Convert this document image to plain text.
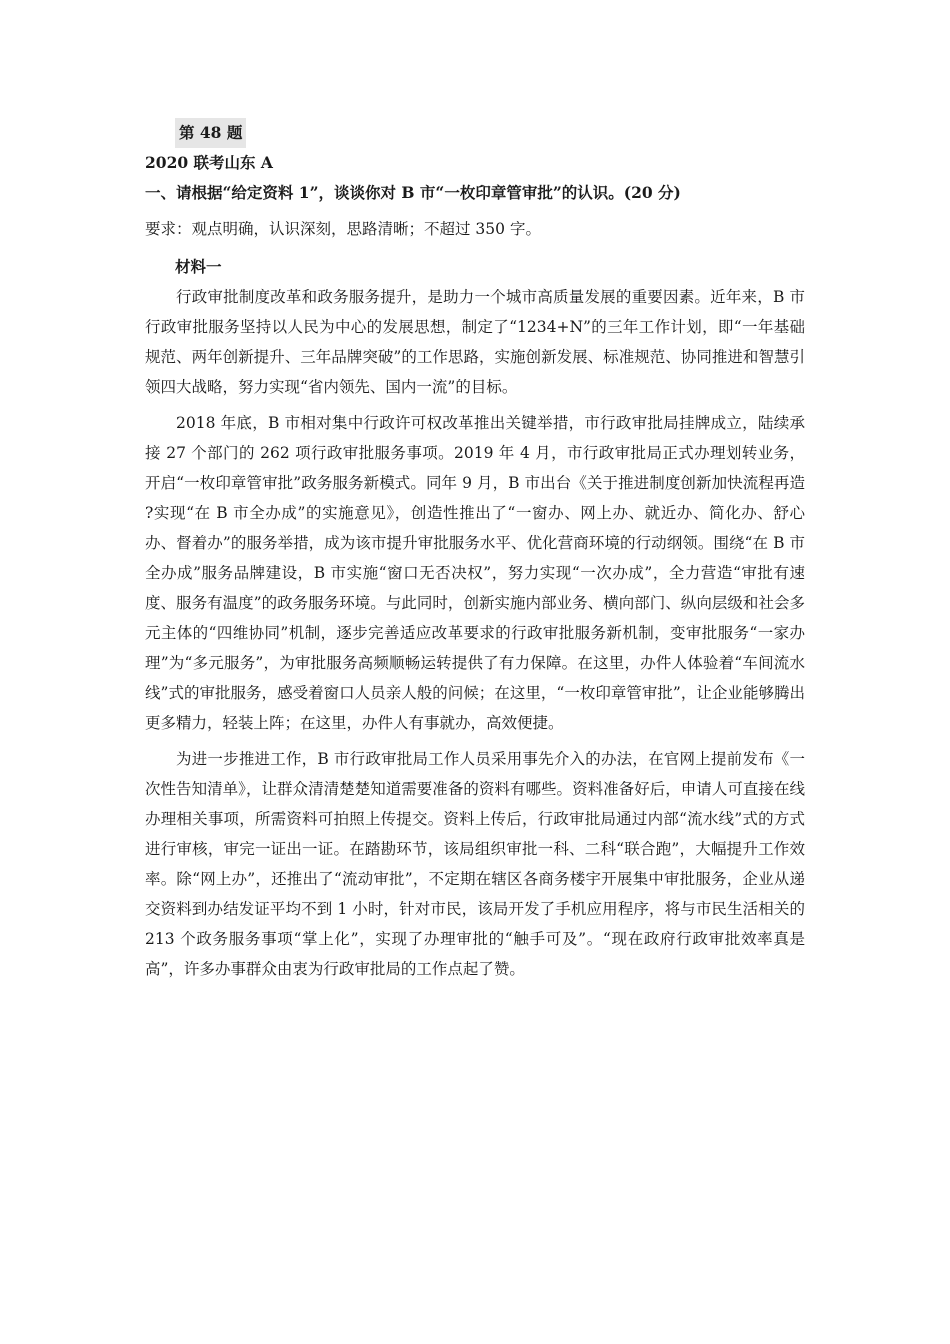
第 48 题
2020 联考山东 A
一、请根据“给定资料 1”，谈谈你对 B 市“一枚印章管审批”的认识。(20 分)
要求：观点明确，认识深刻，思路清晰；不超过 350 字。
材料一

行政审批制度改革和政务服务提升，是助力一个城市高质量发展的重要因素。近年来，B 市行政审批服务坚持以人民为中心的发展思想，制定了“1234+N”的三年工作计划，即“一年基础规范、两年创新提升、三年品牌突破”的工作思路，实施创新发展、标准规范、协同推进和智慧引领四大战略，努力实现“省内领先、国内一流”的目标。

2018 年底，B 市相对集中行政许可权改革推出关键举措，市行政审批局挂牌成立，陆续承接 27 个部门的 262 项行政审批服务事项。2019 年 4 月，市行政审批局正式办理划转业务，开启“一枚印章管审批”政务服务新模式。同年 9 月，B 市出台《关于推进制度创新加快流程再造 ?实现“在 B 市全办成”的实施意见》，创造性推出了“一窗办、网上办、就近办、简化办、舒心办、督着办”的服务举措，成为该市提升审批服务水平、优化营商环境的行动纲领。围绕“在 B 市全办成”服务品牌建设，B 市实施“窗口无否决权”，努力实现“一次办成”，全力营造“审批有速度、服务有温度”的政务服务环境。与此同时，创新实施内部业务、横向部门、纵向层级和社会多元主体的“四维协同”机制，逐步完善适应改革要求的行政审批服务新机制，变审批服务“一家办理”为“多元服务”，为审批服务高频顺畅运转提供了有力保障。在这里，办件人体验着“车间流水线”式的审批服务，感受着窗口人员亲人般的问候；在这里，“一枚印章管审批”，让企业能够腾出更多精力，轻装上阵；在这里，办件人有事就办，高效便捷。

为进一步推进工作，B 市行政审批局工作人员采用事先介入的办法，在官网上提前发布《一次性告知清单》，让群众清清楚楚知道需要准备的资料有哪些。资料准备好后，申请人可直接在线办理相关事项，所需资料可拍照上传提交。资料上传后，行政审批局通过内部“流水线”式的方式进行审核，审完一证出一证。在踏勘环节，该局组织审批一科、二科“联合跑”，大幅提升工作效率。除“网上办”，还推出了“流动审批”，不定期在辖区各商务楼宇开展集中审批服务，企业从递交资料到办结发证平均不到 1 小时，针对市民，该局开发了手机应用程序，将与市民生活相关的 213 个政务服务事项“掌上化”，实现了办理审批的“触手可及”。“现在政府行政审批效率真是高”，许多办事群众由衷为行政审批局的工作点起了赞。
